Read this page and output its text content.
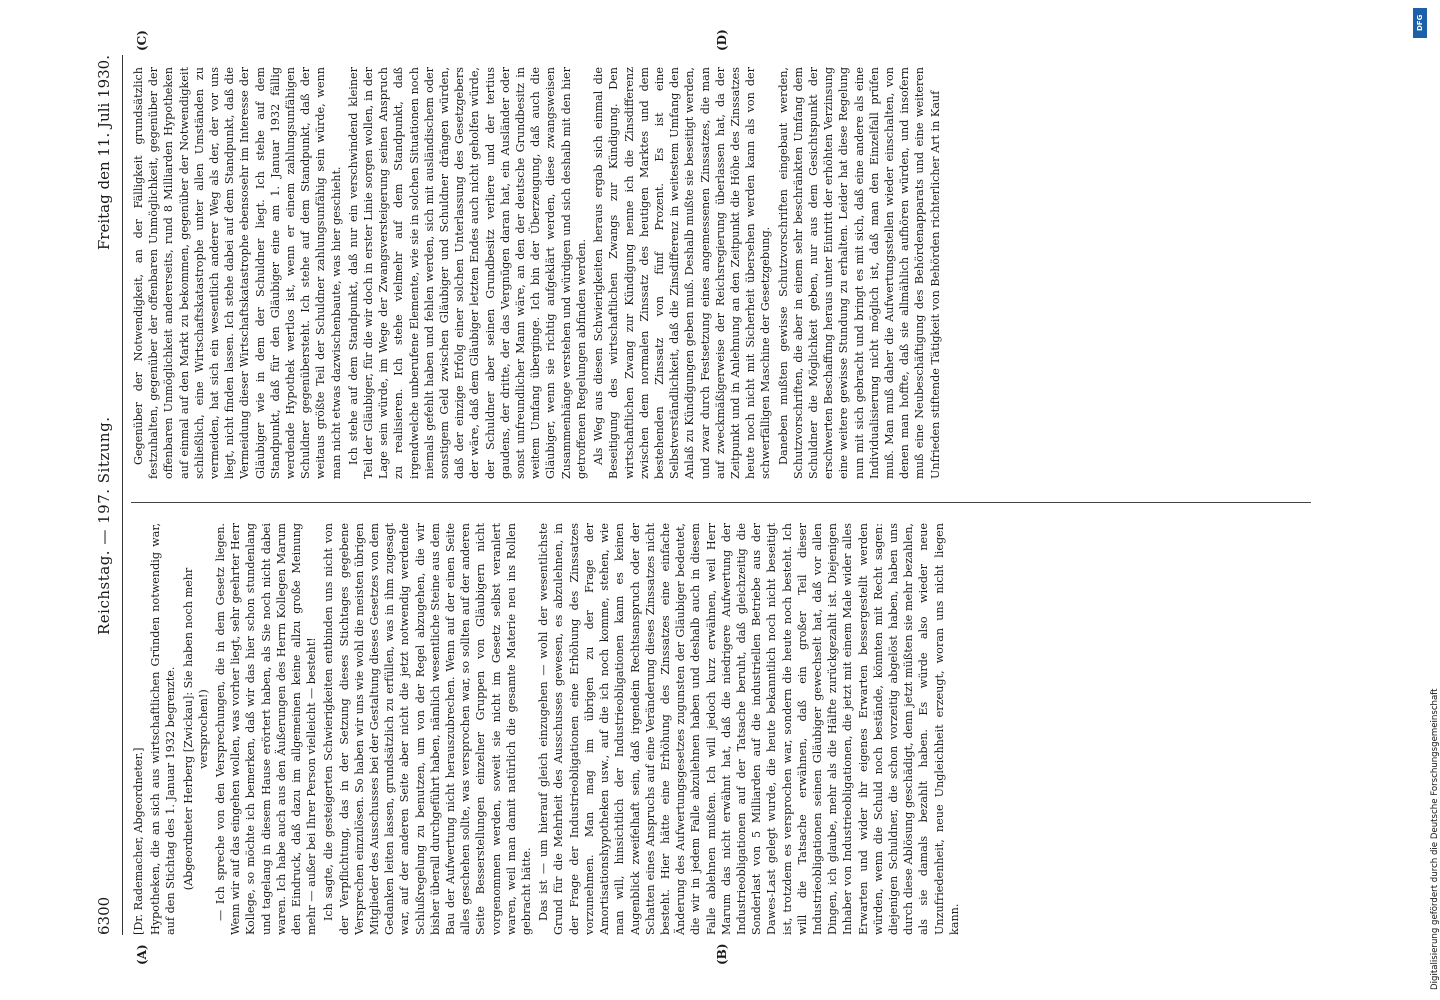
6300
Reichstag. — 197. Sitzung.
Freitag den 11. Juli 1930.
(A)	(B)
(C)	(D)

[Dr. Rademacher, Abgeordneter.] Hypotheken, die an sich aus wirtschaftlichen Gründen notwendig war, auf den Stichtag des 1. Januar 1932 begrenzte. (Abgeordneter Herberg [Zwickau]: Sie haben noch mehr versprochen!) — Ich spreche von den Versprechungen, die in dem Gesetz liegen. Wenn wir auf das eingehen wollen, was vorher liegt, sehr geehrter Herr Kollege, so möchte ich bemerken, daß wir das hier schon stundenlang und tagelang in diesem Hause erörtert haben, als Sie noch nicht dabei waren. Ich habe auch aus den Äußerungen des Herrn Kollegen Marum den Eindruck, daß dazu im allgemeinen keine allzu große Meinung mehr — außer bei Ihrer Person vielleicht — besteht! Ich sagte, die gesteigerten Schwierigkeiten entbinden uns nicht von der Verpflichtung, das in der Setzung dieses Stichtages gegebene Versprechen einzulösen. So haben wir uns wie wohl die meisten übrigen Mitglieder des Ausschusses bei der Gestaltung dieses Gesetzes von dem Gedanken leiten lassen, grundsätzlich zu erfüllen, was in ihm zugesagt war, auf der anderen Seite aber nicht die jetzt notwendig werdende Schlußregelung zu benutzen, um von der Regel abzugehen, die wir bisher überall durchgeführt haben, nämlich wesentliche Steine aus dem Bau der Aufwertung nicht herauszubrechen. Wenn auf der einen Seite alles geschehen sollte, was versprochen war, so sollten auf der anderen Seite Besserstellungen einzelner Gruppen von Gläubigern nicht vorgenommen werden, soweit sie nicht im Gesetz selbst veranlert waren, weil man damit natürlich die gesamte Materie neu ins Rollen gebracht hätte. Das ist — um hierauf gleich einzugehen — wohl der wesentlichste Grund für die Mehrheit des Ausschusses gewesen, es abzulehnen, in der Frage der Industrieobligationen eine Erhöhung des Zinssatzes vorzunehmen. Man mag im übrigen zu der Frage der Amortisationshypotheken usw., auf die ich noch komme, stehen, wie man will, hinsichtlich der Industrieobligationen kann es keinen Augenblick zweifelhaft sein, daß irgendein Rechtsanspruch oder der Schatten eines Anspruchs auf eine Veränderung dieses Zinssatzes nicht besteht. Hier hätte eine Erhöhung des Zinssatzes eine einfache Änderung des Aufwertungsgesetzes zugunsten der Gläubiger bedeutet, die wir in jedem Falle abzulehnen haben und deshalb auch in diesem Falle ablehnen mußten. Ich will jedoch kurz erwähnen, weil Herr Marum das nicht erwähnt hat, daß die niedrigere Aufwertung der Industrieobligationen auf der Tatsache beruht, daß gleichzeitig die Sonderlast von 5 Milliarden auf die industriellen Betriebe aus der Dawes-Last gelegt wurde, die heute bekanntlich noch nicht beseitigt ist, trotzdem es versprochen war, sondern die heute noch besteht. Ich will die Tatsache erwähnen, daß ein großer Teil dieser Industrieobligationen seinen Gläubiger gewechselt hat, daß vor allen Dingen, ich glaube, mehr als die Hälfte zurückgezahlt ist. Diejenigen Inhaber von Industrieobligationen, die jetzt mit einem Male wider alles Erwarten und wider ihr eigenes Erwarten bessergestellt werden würden, wenn die Schuld noch bestände, könnten mit Recht sagen: diejenigen Schuldner, die schon vorzeitig abgelöst haben, haben uns durch diese Ablösung geschädigt, denn jetzt müßten sie mehr bezahlen, als sie damals bezahlt haben. Es würde also wieder neue Unzufriedenheit, neue Ungleichheit erzeugt, woran uns nicht liegen kann.

Gegenüber der Notwendigkeit, an der Fälligkeit grundsätzlich festzuhalten, gegenüber der offenbaren Unmöglichkeit, gegenüber der offenbaren Unmöglichkeit andererseits, rund 8 Milliarden Hypotheken auf einmal auf den Markt zu bekommen, gegenüber der Notwendigkeit schließlich, eine Wirtschaftskatastrophe unter allen Umständen zu vermeiden, hat sich ein wesentlich anderer Weg als der, der vor uns liegt, nicht finden lassen. Ich stehe dabei auf dem Standpunkt, daß die Vermeidung dieser Wirtschaftskatastrophe ebensosehr im Interesse der Gläubiger wie in dem der Schuldner liegt. Ich stehe auf dem Standpunkt, daß für den Gläubiger eine am 1. Januar 1932 fällig werdende Hypothek wertlos ist, wenn er einem zahlungsunfähigen Schuldner gegenübersteht. Ich stehe auf dem Standpunkt, daß der weitaus größte Teil der Schuldner zahlungsunfähig sein würde, wenn man nicht etwas dazwischenbaute, was hier geschieht. Ich stehe auf dem Standpunkt, daß nur ein verschwindend kleiner Teil der Gläubiger, für die wir doch in erster Linie sorgen wollen, in der Lage sein würde, im Wege der Zwangsversteigerung seinen Anspruch zu realisieren. Ich stehe vielmehr auf dem Standpunkt, daß irgendwelche unberufene Elemente, wie sie in solchen Situationen noch niemals gefehlt haben und fehlen werden, sich mit ausländischem oder sonstigem Geld zwischen Gläubiger und Schuldner drängen würden, daß der einzige Erfolg einer solchen Unterlassung des Gesetzgebers der wäre, daß dem Gläubiger letzten Endes auch nicht geholfen würde, der Schuldner aber seinen Grundbesitz verliere und der tertius gaudens, der dritte, der das Vergnügen daran hat, ein Ausländer oder sonst unfreundlicher Mann wäre, an den der deutsche Grundbesitz in weitem Umfang überginge. Ich bin der Überzeugung, daß auch die Gläubiger, wenn sie richtig aufgeklärt werden, diese zwangsweisen Zusammenhänge verstehen und würdigen und sich deshalb mit den hier getroffenen Regelungen abfinden werden. Als Weg aus diesen Schwierigkeiten heraus ergab sich einmal die Beseitigung des wirtschaftlichen Zwangs zur Kündigung. Den wirtschaftlichen Zwang zur Kündigung nenne ich die Zinsdifferenz zwischen dem normalen Zinssatz des heutigen Marktes und dem bestehenden Zinssatz von fünf Prozent. Es ist eine Selbstverständlichkeit, daß die Zinsdifferenz in weitestem Umfang den Anlaß zu Kündigungen geben muß. Deshalb mußte sie beseitigt werden, und zwar durch Festsetzung eines angemessenen Zinssatzes, die man auf zweckmäßigerweise der Reichsregierung überlassen hat, da der Zeitpunkt und in Anlehnung an den Zeitpunkt die Höhe des Zinssatzes heute noch nicht mit Sicherheit übersehen werden kann als von der schwerfälligen Maschine der Gesetzgebung. Daneben mußten gewisse Schutzvorschriften eingebaut werden, Schutzvorschriften, die aber in einem sehr beschränkten Umfang dem Schuldner die Möglichkeit geben, nur aus dem Gesichtspunkt der erschwerten Beschaffung heraus unter Eintritt der erhöhten Verzinsung eine weitere gewisse Stundung zu erhalten. Leider hat diese Regelung nun mit sich gebracht und bringt es mit sich, daß eine andere als eine Individualisierung nicht möglich ist, daß man den Einzelfall prüfen muß. Man muß daher die Aufwertungsstellen wieder einschalten, von denen man hoffte, daß sie allmählich aufhören würden, und insofern muß eine Neubeschäftigung des Behördenapparats und eine weiteren Unfrieden stiftende Tätigkeit von Behörden richterlicher Art in Kauf

DFG
Digitalisierung gefördert durch die Deutsche Forschungsgemeinschaft
